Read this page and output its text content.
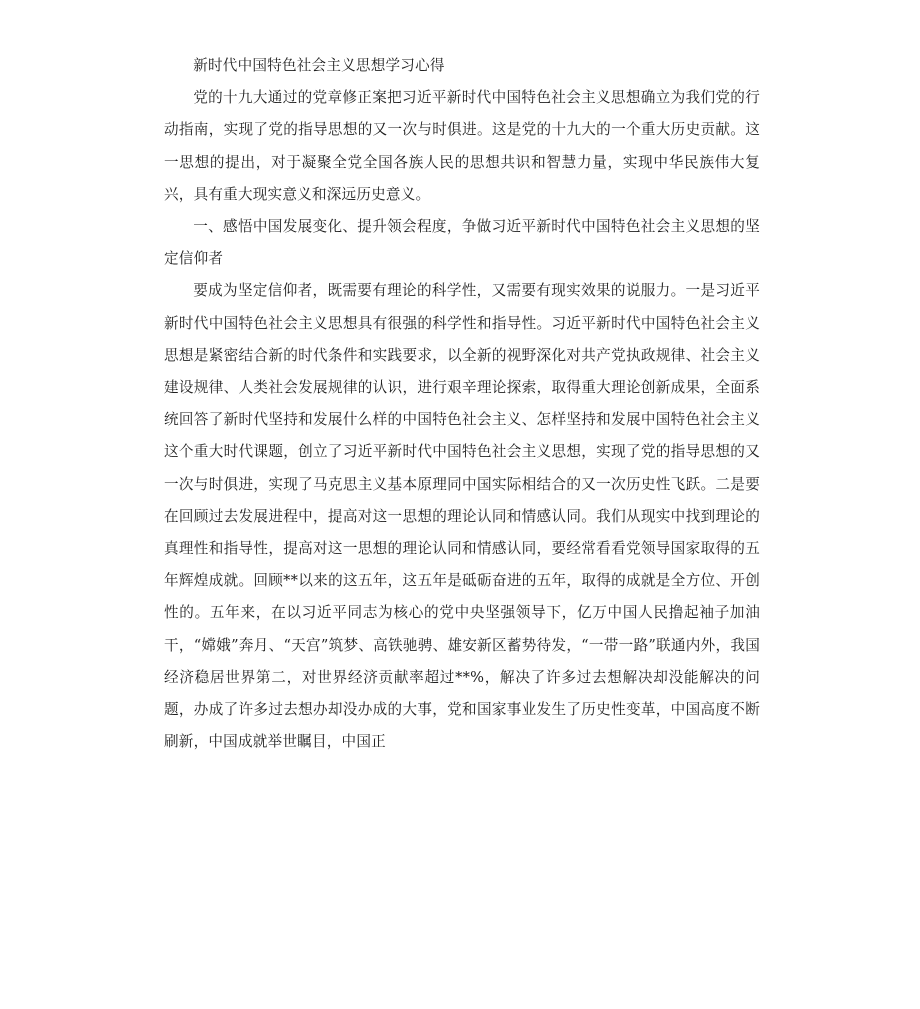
新时代中国特色社会主义思想学习心得

党的十九大通过的党章修正案把习近平新时代中国特色社会主义思想确立为我们党的行动指南，实现了党的指导思想的又一次与时俱进。这是党的十九大的一个重大历史贡献。这一思想的提出，对于凝聚全党全国各族人民的思想共识和智慧力量，实现中华民族伟大复兴，具有重大现实意义和深远历史意义。

一、感悟中国发展变化、提升领会程度，争做习近平新时代中国特色社会主义思想的坚定信仰者

要成为坚定信仰者，既需要有理论的科学性，又需要有现实效果的说服力。一是习近平新时代中国特色社会主义思想具有很强的科学性和指导性。习近平新时代中国特色社会主义思想是紧密结合新的时代条件和实践要求，以全新的视野深化对共产党执政规律、社会主义建设规律、人类社会发展规律的认识，进行艰辛理论探索，取得重大理论创新成果，全面系统回答了新时代坚持和发展什么样的中国特色社会主义、怎样坚持和发展中国特色社会主义这个重大时代课题，创立了习近平新时代中国特色社会主义思想，实现了党的指导思想的又一次与时俱进，实现了马克思主义基本原理同中国实际相结合的又一次历史性飞跃。二是要在回顾过去发展进程中，提高对这一思想的理论认同和情感认同。我们从现实中找到理论的真理性和指导性，提高对这一思想的理论认同和情感认同，要经常看看党领导国家取得的五年辉煌成就。回顾**以来的这五年，这五年是砥砺奋进的五年，取得的成就是全方位、开创性的。五年来，在以习近平同志为核心的党中央坚强领导下，亿万中国人民撸起袖子加油干，“嫦娥”奔月、“天宫”筑梦、高铁驰骋、雄安新区蓄势待发，“一带一路”联通内外，我国经济稳居世界第二，对世界经济贡献率超过**%，解决了许多过去想解决却没能解决的问题，办成了许多过去想办却没办成的大事，党和国家事业发生了历史性变革，中国高度不断刷新，中国成就举世瞩目，中国正
